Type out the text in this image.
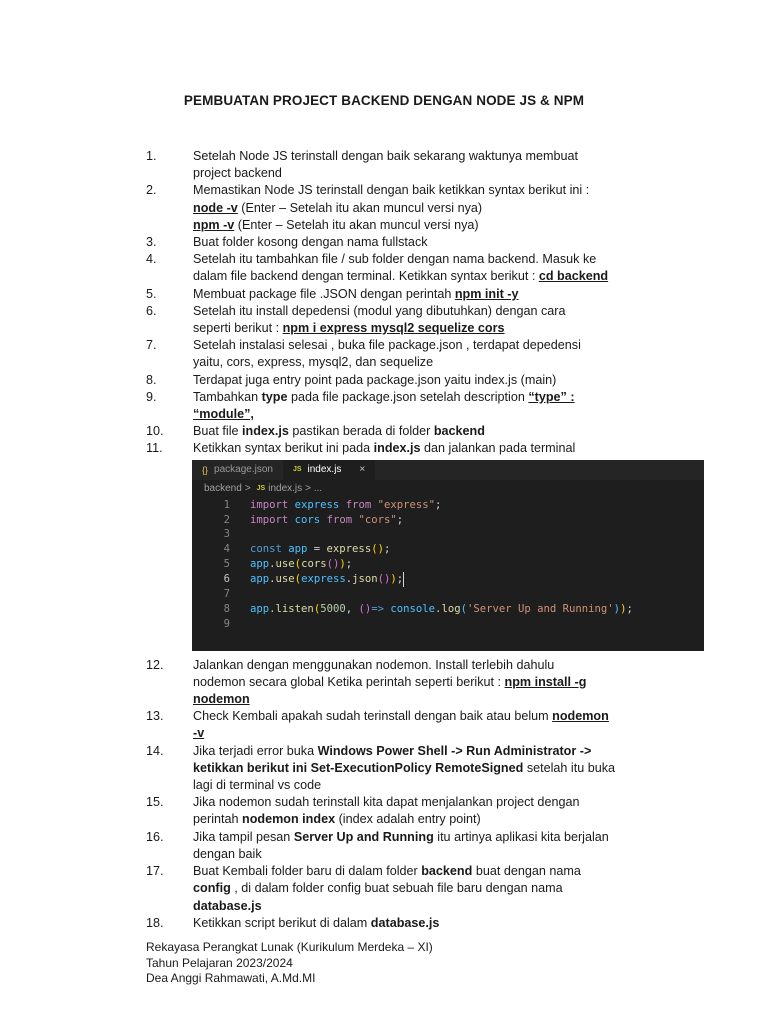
PEMBUATAN PROJECT BACKEND DENGAN NODE JS & NPM
1.	Setelah Node JS terinstall dengan baik sekarang waktunya membuat
project backend
2.	Memastikan Node JS terinstall dengan baik ketikkan syntax berikut ini :
node -v (Enter – Setelah itu akan muncul versi nya)
npm -v (Enter – Setelah itu akan muncul versi nya)
3.	Buat folder kosong dengan nama fullstack
4.	Setelah itu tambahkan file / sub folder dengan nama backend. Masuk ke
dalam file backend dengan terminal. Ketikkan syntax berikut : cd backend
5.	Membuat package file .JSON dengan perintah npm init -y
6.	Setelah itu install depedensi (modul yang dibutuhkan) dengan cara
seperti berikut : npm i express mysql2 sequelize cors
7.	Setelah instalasi selesai , buka file package.json , terdapat depedensi
yaitu, cors, express, mysql2, dan sequelize
8.	Terdapat juga entry point pada package.json yaitu index.js (main)
9.	Tambahkan type pada file package.json setelah description “type” :
“module”,
10.	Buat file index.js pastikan berada di folder backend
11.	Ketikkan syntax berikut ini pada index.js dan jalankan pada terminal
{} package.json	JS index.js ×
backend > JS index.js > ...
1	import express from "express" ;
2	import cors from "cors" ;
3
4	const app = express () ;
5	app . use ( cors () ) ;
6	app . use ( express . json () ) ;
7
8	app . listen ( 5000 , () => console . log ( 'Server Up and Running' ) ) ;
9
12.	Jalankan dengan menggunakan nodemon. Install terlebih dahulu
nodemon secara global Ketika perintah seperti berikut : npm install -g
nodemon
13.	Check Kembali apakah sudah terinstall dengan baik atau belum nodemon
-v
14.	Jika terjadi error buka Windows Power Shell -> Run Administrator ->
ketikkan berikut ini Set-ExecutionPolicy RemoteSigned setelah itu buka
lagi di terminal vs code
15.	Jika nodemon sudah terinstall kita dapat menjalankan project dengan
perintah nodemon index (index adalah entry point)
16.	Jika tampil pesan Server Up and Running itu artinya aplikasi kita berjalan
dengan baik
17.	Buat Kembali folder baru di dalam folder backend buat dengan nama
config , di dalam folder config buat sebuah file baru dengan nama
database.js
18.	Ketikkan script berikut di dalam database.js
Rekayasa Perangkat Lunak (Kurikulum Merdeka – XI)
Tahun Pelajaran 2023/2024
Dea Anggi Rahmawati, A.Md.MI
